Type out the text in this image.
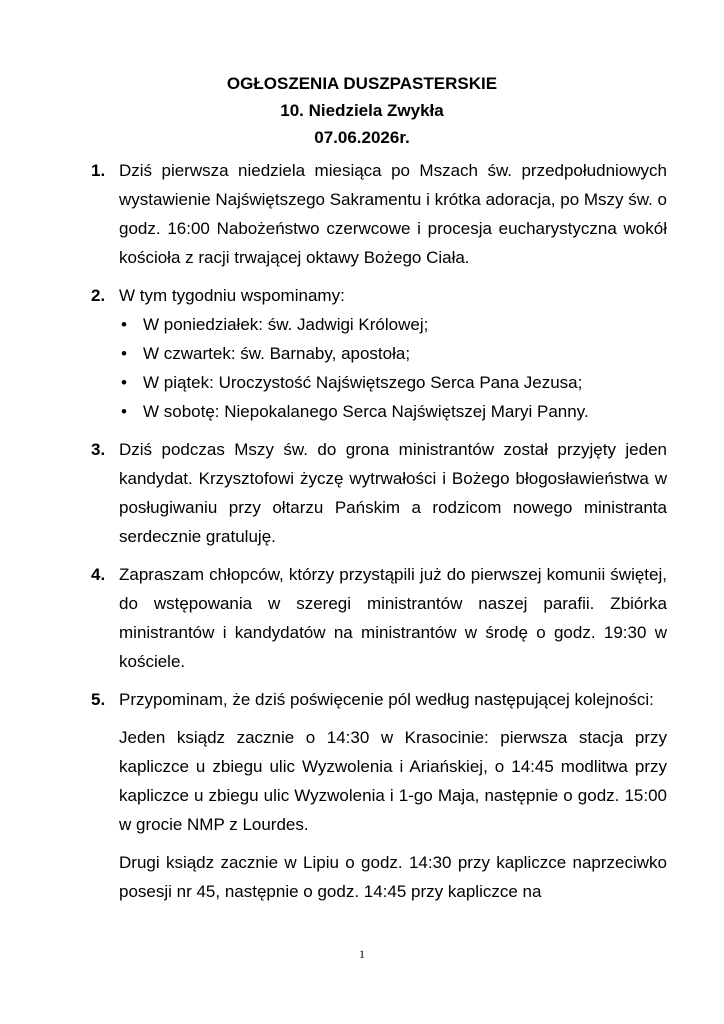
OGŁOSZENIA DUSZPASTERSKIE
10. Niedziela Zwykła
07.06.2026r.
1. Dziś pierwsza niedziela miesiąca po Mszach św. przedpołudniowych wystawienie Najświętszego Sakramentu i krótka adoracja, po Mszy św. o godz. 16:00 Nabożeństwo czerwcowe i procesja eucharystyczna wokół kościoła z racji trwającej oktawy Bożego Ciała.
2. W tym tygodniu wspominamy:
• W poniedziałek: św. Jadwigi Królowej;
• W czwartek: św. Barnaby, apostoła;
• W piątek: Uroczystość Najświętszego Serca Pana Jezusa;
• W sobotę: Niepokalanego Serca Najświętszej Maryi Panny.
3. Dziś podczas Mszy św. do grona ministrantów został przyjęty jeden kandydat. Krzysztofowi życzę wytrwałości i Bożego błogosławieństwa w posługiwaniu przy ołtarzu Pańskim a rodzicom nowego ministranta serdecznie gratuluję.
4. Zapraszam chłopców, którzy przystąpili już do pierwszej komunii świętej, do wstępowania w szeregi ministrantów naszej parafii. Zbiórka ministrantów i kandydatów na ministrantów w środę o godz. 19:30 w kościele.
5. Przypominam, że dziś poświęcenie pól według następującej kolejności:
Jeden ksiądz zacznie o 14:30 w Krasocinie: pierwsza stacja przy kapliczce u zbiegu ulic Wyzwolenia i Ariańskiej, o 14:45 modlitwa przy kapliczce u zbiegu ulic Wyzwolenia i 1-go Maja, następnie o godz. 15:00 w grocie NMP z Lourdes.
Drugi ksiądz zacznie w Lipiu o godz. 14:30 przy kapliczce naprzeciwko posesji nr 45, następnie o godz. 14:45 przy kapliczce na
1
